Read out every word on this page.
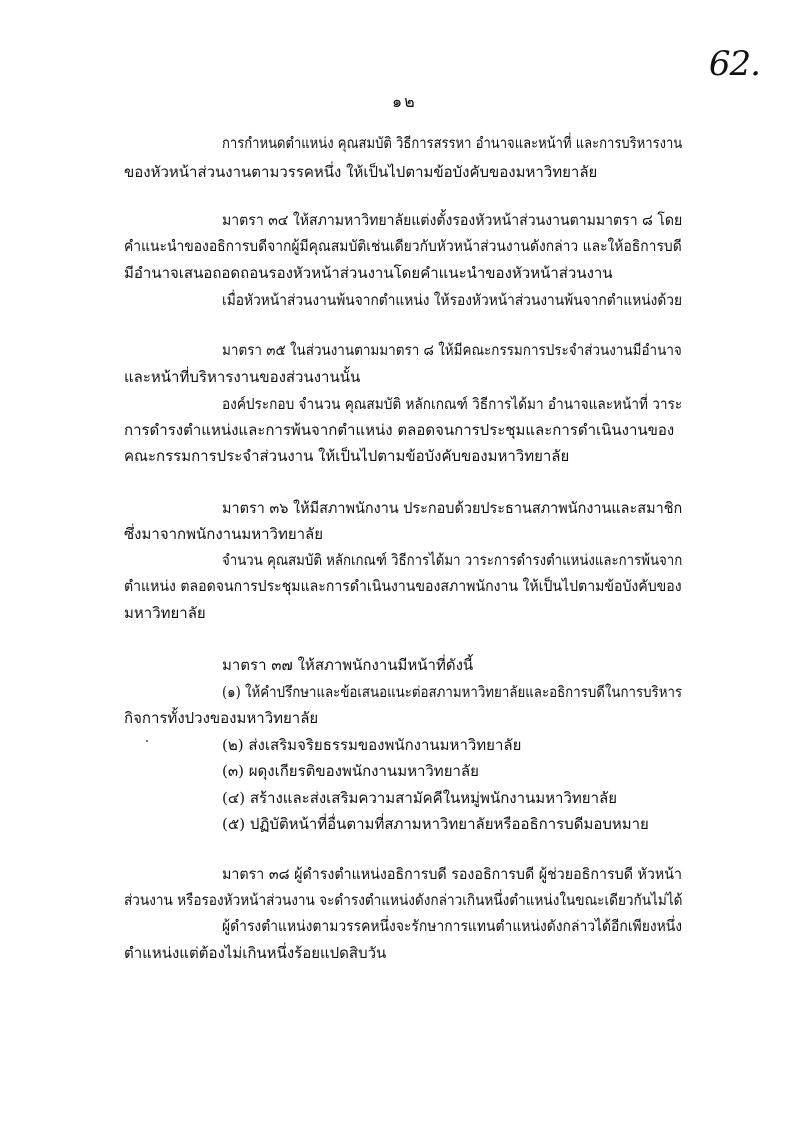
62.
๑๒
การกำหนดตำแหน่ง คุณสมบัติ วิธีการสรรหา อำนาจและหน้าที่ และการบริหารงาน
ของหัวหน้าส่วนงานตามวรรคหนึ่ง ให้เป็นไปตามข้อบังคับของมหาวิทยาลัย
มาตรา ๓๔ ให้สภามหาวิทยาลัยแต่งตั้งรองหัวหน้าส่วนงานตามมาตรา ๘ โดย
คำแนะนำของอธิการบดีจากผู้มีคุณสมบัติเช่นเดียวกับหัวหน้าส่วนงานดังกล่าว และให้อธิการบดี
มีอำนาจเสนอถอดถอนรองหัวหน้าส่วนงานโดยคำแนะนำของหัวหน้าส่วนงาน
เมื่อหัวหน้าส่วนงานพ้นจากตำแหน่ง ให้รองหัวหน้าส่วนงานพ้นจากตำแหน่งด้วย
มาตรา ๓๕ ในส่วนงานตามมาตรา ๘ ให้มีคณะกรรมการประจำส่วนงานมีอำนาจ
และหน้าที่บริหารงานของส่วนงานนั้น
องค์ประกอบ จำนวน คุณสมบัติ หลักเกณฑ์ วิธีการได้มา อำนาจและหน้าที่ วาระ
การดำรงตำแหน่งและการพ้นจากตำแหน่ง ตลอดจนการประชุมและการดำเนินงานของ
คณะกรรมการประจำส่วนงาน ให้เป็นไปตามข้อบังคับของมหาวิทยาลัย
มาตรา ๓๖ ให้มีสภาพนักงาน ประกอบด้วยประธานสภาพนักงานและสมาชิก
ซึ่งมาจากพนักงานมหาวิทยาลัย
จำนวน คุณสมบัติ หลักเกณฑ์ วิธีการได้มา วาระการดำรงตำแหน่งและการพ้นจาก
ตำแหน่ง ตลอดจนการประชุมและการดำเนินงานของสภาพนักงาน ให้เป็นไปตามข้อบังคับของ
มหาวิทยาลัย
มาตรา ๓๗ ให้สภาพนักงานมีหน้าที่ดังนี้
(๑) ให้คำปรึกษาและข้อเสนอแนะต่อสภามหาวิทยาลัยและอธิการบดีในการบริหาร
กิจการทั้งปวงของมหาวิทยาลัย
(๒) ส่งเสริมจริยธรรมของพนักงานมหาวิทยาลัย
(๓) ผดุงเกียรติของพนักงานมหาวิทยาลัย
(๔) สร้างและส่งเสริมความสามัคคีในหมู่พนักงานมหาวิทยาลัย
(๕) ปฏิบัติหน้าที่อื่นตามที่สภามหาวิทยาลัยหรืออธิการบดีมอบหมาย
มาตรา ๓๘ ผู้ดำรงตำแหน่งอธิการบดี รองอธิการบดี ผู้ช่วยอธิการบดี หัวหน้า
ส่วนงาน หรือรองหัวหน้าส่วนงาน จะดำรงตำแหน่งดังกล่าวเกินหนึ่งตำแหน่งในขณะเดียวกันไม่ได้
ผู้ดำรงตำแหน่งตามวรรคหนึ่งจะรักษาการแทนตำแหน่งดังกล่าวได้อีกเพียงหนึ่ง
ตำแหน่งแต่ต้องไม่เกินหนึ่งร้อยแปดสิบวัน
